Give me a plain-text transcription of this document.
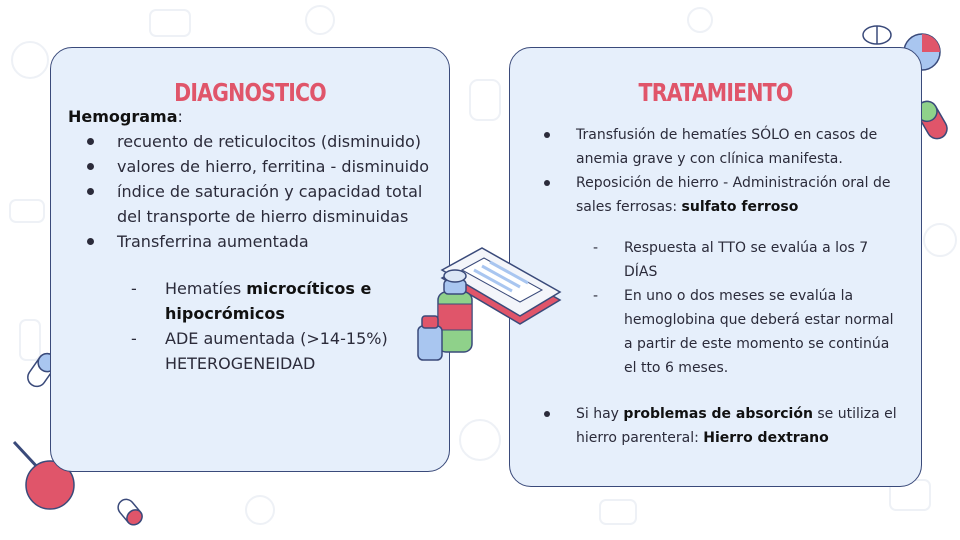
DIAGNOSTICO
Hemograma:
recuento de reticulocitos (disminuido)
valores de hierro, ferritina - disminuido
índice de saturación y capacidad total del transporte de hierro disminuidas
Transferrina aumentada
- Hematíes microcíticos e hipocrómicos
- ADE aumentada (>14-15%) HETEROGENEIDAD
TRATAMIENTO
Transfusión de hematíes SÓLO en casos de anemia grave y con clínica manifesta.
Reposición de hierro - Administración oral de sales ferrosas: sulfato ferroso
- Respuesta al TTO se evalúa a los 7 DÍAS
- En uno o dos meses se evalúa la hemoglobina que deberá estar normal a partir de este momento se continúa el tto 6 meses.
Si hay problemas de absorción se utiliza el hierro parenteral: Hierro dextrano
